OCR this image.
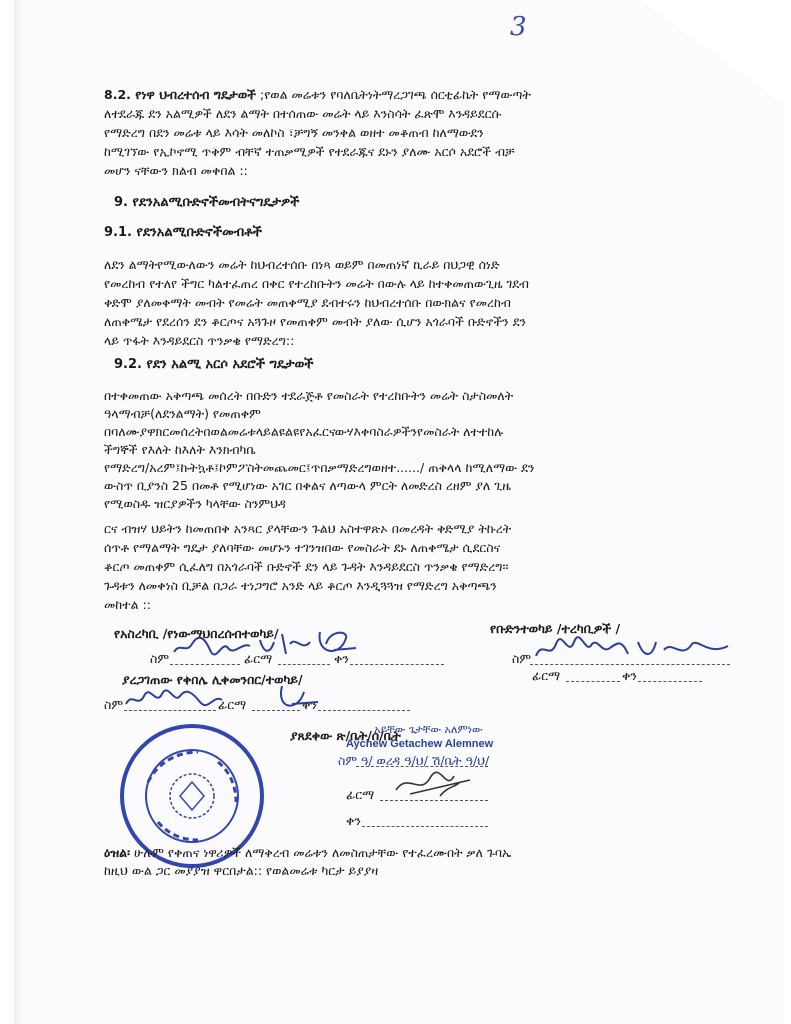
3
8.2. የነዋ ህብረተሰብ ግዴታወች ;የወል መሬቱን የባለቤትነትማረጋገጫ ሰርቲፊኬት የማውጣት
ለተደራጁ ደን አልሚዎች ለደን ልማት በተሰጠው መሬት ላይ እንስሳት ፈጽሞ እንዳይደርሱ
የማድረግ በደን መሬቱ ላይ እሳት መለኮስ ፣ቻግኝ መንቀል ወዘተ መቆጠብ ከለማውደን
ከሚገኘው የኢኮኖሚ ጥቅም ብቸኛ ተጠቃሚዎች የተደራጁና ደኑን ያለሙ አርሶ አደሮች ብቻ
መሆን ናቸውን ክልብ መቀበል ::
9. የደንአልሚቡድኖችመብትናግዴታዎች
9.1. የደንአልሚቡድኖችመብቶች
ለደን ልማትየሚውለውን መሬት ከህብረተሰቡ በነጻ ወይም በመጠነኛ ኪራይ በህጋዊ ሰነድ
የመረከብ የተለየ ችግር ካልተፈጠረ በቀር የተረከቡትን መሬት በውሉ ላይ ከተቀመጠውጊዜ ገደብ
ቀድሞ ያለመቀማት መብት የመሬት መጠቀሚያ ደብተሩን ከህብረተሰቡ በውክልና የመረከብ
ለጠቀሜታ የደረሰን ደን ቆርጦና አጓጉዞ የመጠቀም መብት ያለው ሲሆን አጎራባች ቡድኖችን ደን
ላይ ጥፋት እንዳይደርስ ጥንቃቄ የማድረግ::
9.2. የደን አልሚ አርሶ አደሮች ግዴታወች
በተቀመጠው አቅጣጫ መሰረት በቡድን ተደራጅቶ የመስራት የተረከቡትን መሬት ስታስመለት
ዓላማብቻ(ለደንልማት) የመጠቀም
በባለሙያዋክርመሰረትበወልመሬቱላይልዩልዩየአፈርናውሃእቀባስራዎችንየመስራት ለተተከሉ
ችግኞች የእለት ከእለት እንክብካቤ
የማድረግ/አረም፤ኩትኳቶ፤ኮምፖስትመጨመር፤ጥበቃማድረግወዘተ....../ ጠቅላላ ከሚለማው ደን
ውስጥ ቢያንስ 25 በመቶ የሚሆነው አገር በቀልና ለጣውላ ምርት ለመድረስ ረዘም ያለ ጊዜ
የሚወስዱ ዝርያዎችን ካላቸው ስንምህዳ
ርና ብዝሃ ህይትን ከመጠበቅ አንጻር ያላቸውን ጉልህ አስተዋጽኦ በመረዳት ቅድሚያ ትኩረት
ሰጥቶ የማልማት ግዴታ ያለባቸው መሆኑን ተገንዝበው የመስራት ደኑ ለጠቀሜታ ሲደርስና
ቆርጦ መጠቀም ሲፈለግ በአጎራባች ቡድኖች ደን ላይ ጉዳት እንዳይደርስ ጥንቃቄ የማድረግ፡፡
ጉዳቱን ለመቀነስ ቢቻል በጋራ ተነጋግሮ አንድ ላይ ቆርጦ እንዲጓጓዝ የማድረግ አቅጣጫን
መከተል ::
የአስረካቢ /የነውማህበረሰብተወካይ/	የቡድንተወካይ /ተረካቢዎች /
ስም	ፊርማ	ቀን	ስም
ፊርማ	ቀን
ያረጋገጠው የቀበሌ ሊቀመንበር/ተወካይ/
ስም	ፊርማ	ቀን
ያጸደቀው ጽ/ቤት/ሰ/ቤት
አይቸው ጌታቸው አለምነው
Aychew Getachew Alemnew
ስም ዓ/ ወረዳ ዓ/ህ/ ሽ/ቤት ዓ/ህ/
ፊርማ
ቀን
ዕዝል፡ ሁሉም የቀጠና ነዋሪዎች ለማቅረብ መሬቱን ለመስጠታቸው የተፈረሙበት ቃለ ጉባኤ
ከዚህ ውል ጋር መያያዝ ዋርበታል:: የወልመሬቱ ካርታ ይያያዛ
